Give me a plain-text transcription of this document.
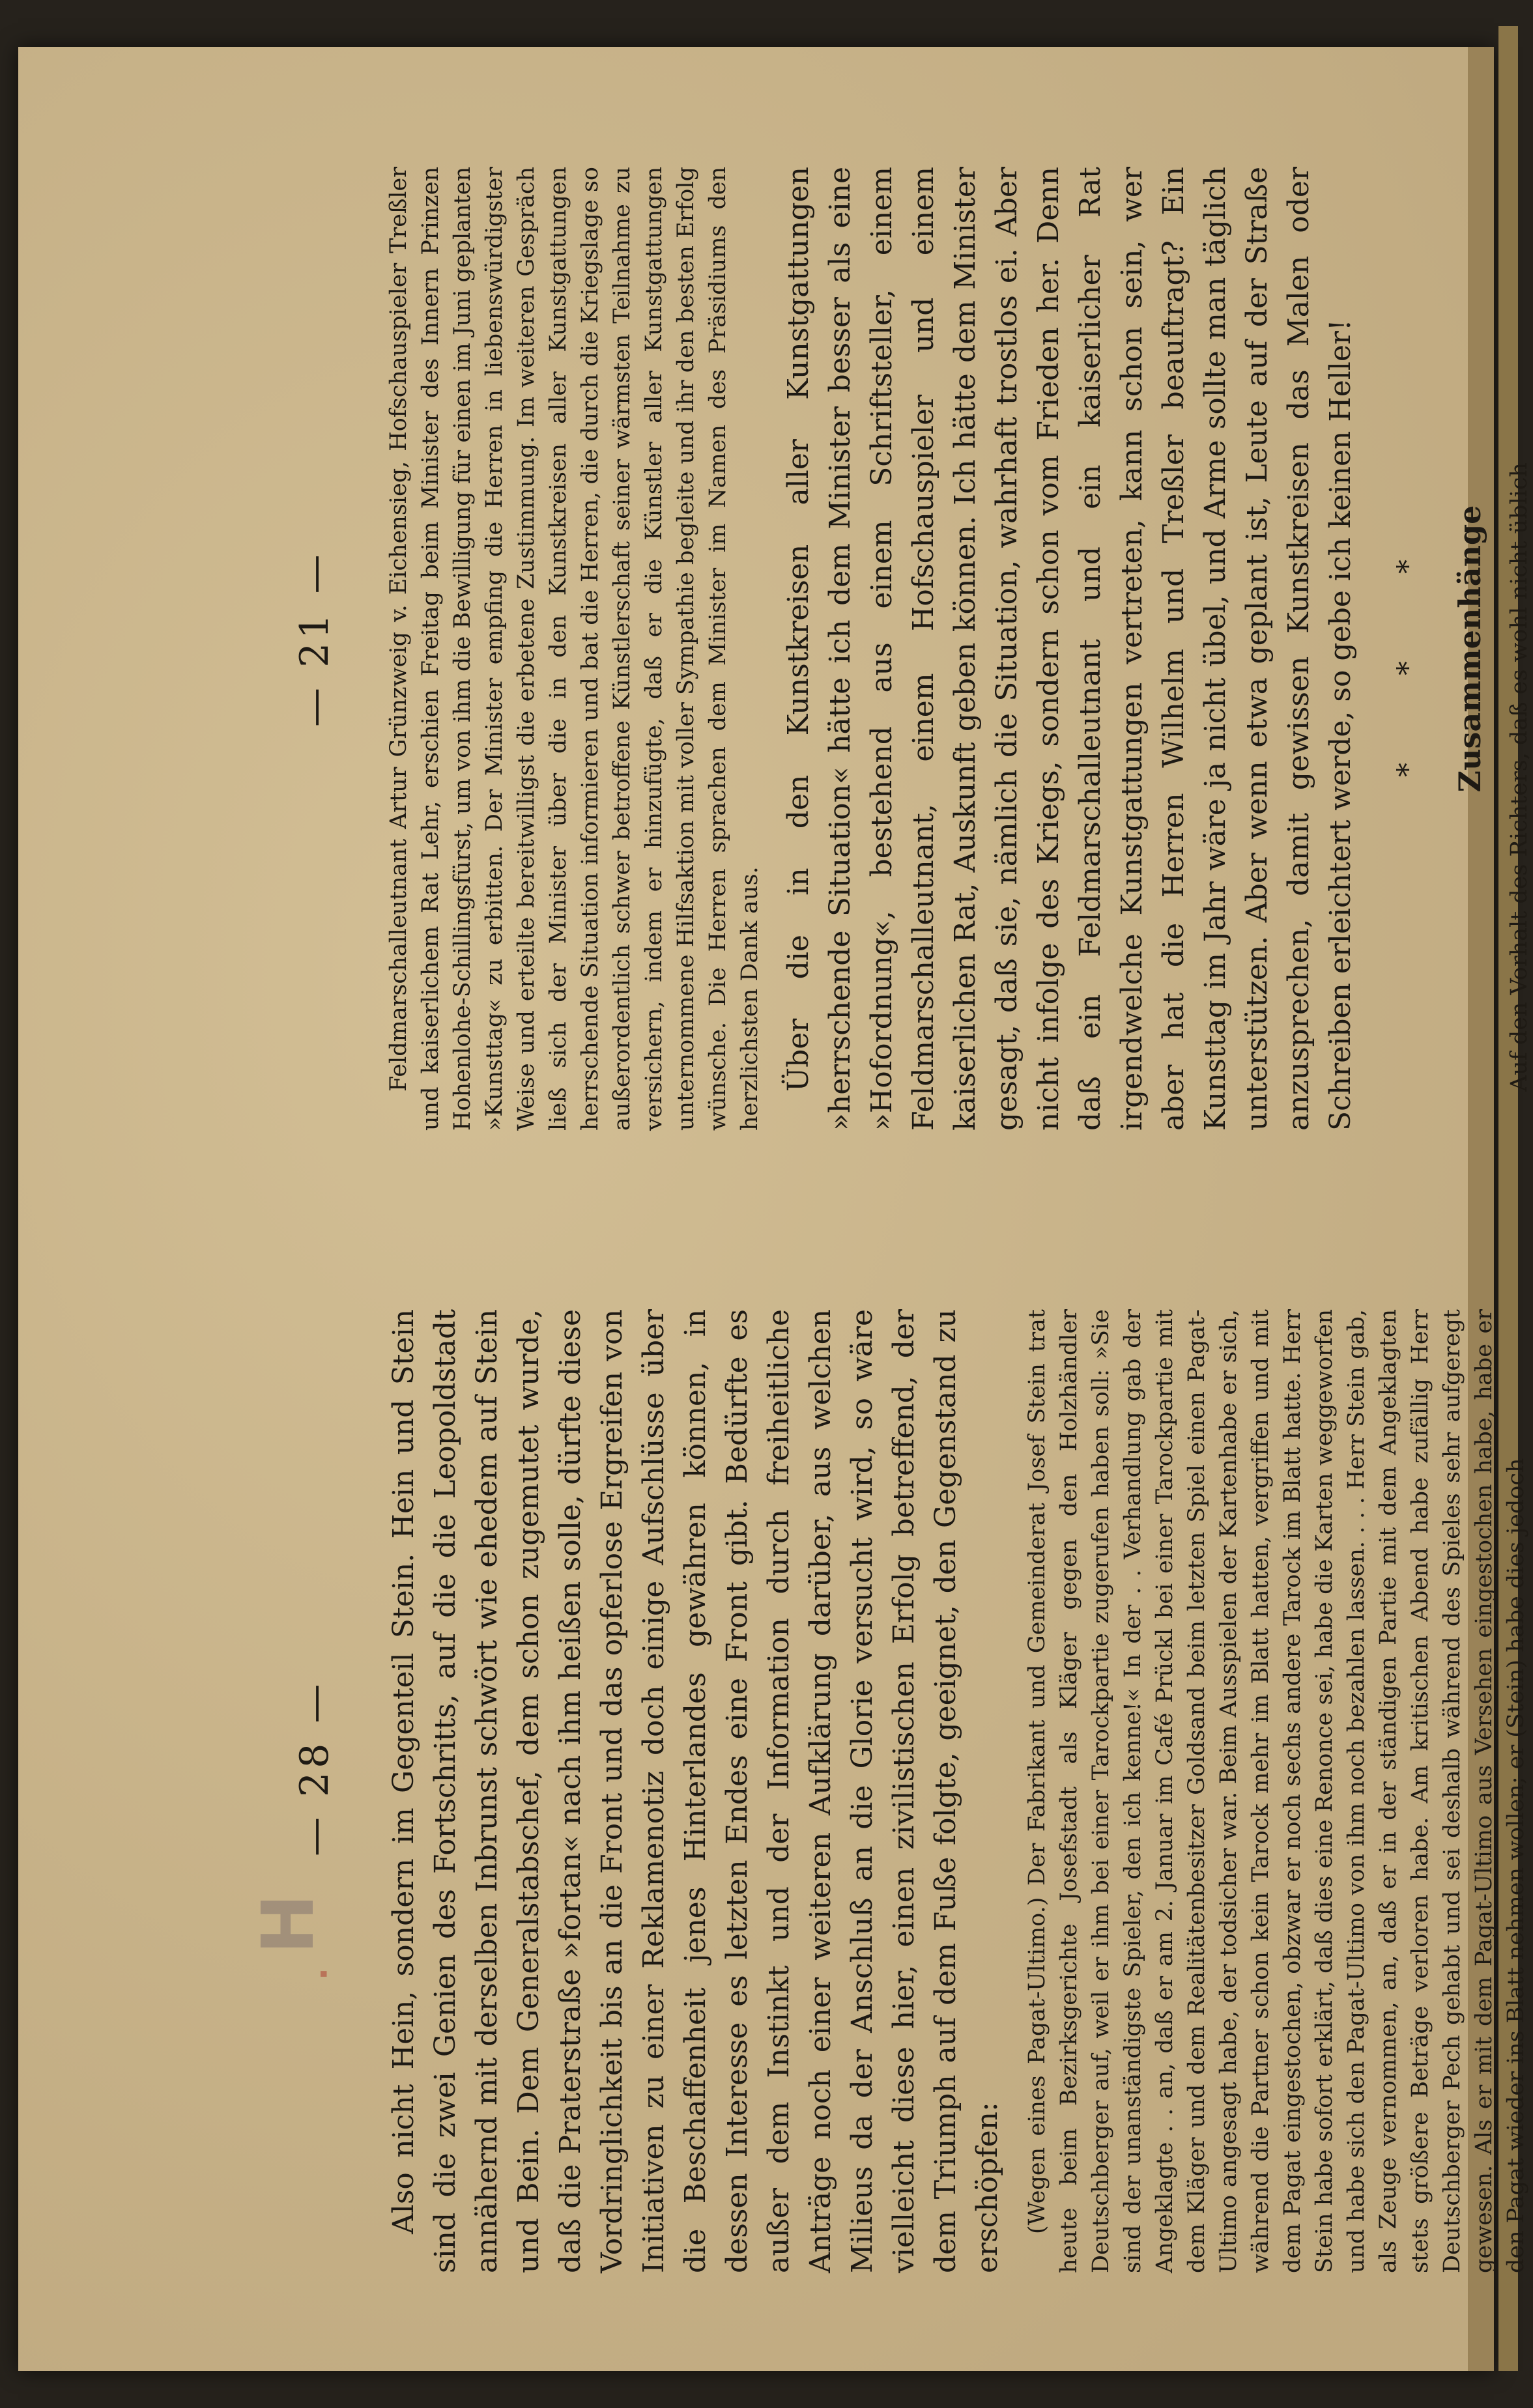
H
·
— 28 — Also nicht Hein, sondern im Gegenteil Stein. Hein und Stein sind die zwei Genien des Fortschritts, auf die die Leopoldstadt annähernd mit derselben Inbrunst schwört wie ehedem auf Stein und Bein. Dem Generalstabschef, dem schon zugemutet wurde, daß die Praterstraße »fortan« nach ihm heißen solle, dürfte diese Vordringlichkeit bis an die Front und das opferlose Ergreifen von Initiativen zu einer Reklamenotiz doch einige Aufschlüsse über die Beschaffenheit jenes Hinterlandes gewähren können, in dessen Interesse es letzten Endes eine Front gibt. Bedürfte es außer dem Instinkt und der Information durch freiheitliche Anträge noch einer weiteren Aufklärung darüber, aus welchen Milieus da der Anschluß an die Glorie versucht wird, so wäre vielleicht diese hier, einen zivilistischen Erfolg betreffend, der dem Triumph auf dem Fuße folgte, geeignet, den Gegenstand zu erschöpfen: (Wegen eines Pagat-Ultimo.) Der Fabrikant und Gemeinderat Josef Stein trat heute beim Bezirksgerichte Josefstadt als Kläger gegen den Holzhändler Deutschberger auf, weil er ihm bei einer Tarockpartie zugerufen haben soll: »Sie sind der unanständigste Spieler, den ich kenne!« In der . . Verhandlung gab der Angeklagte . . an, daß er am 2. Januar im Café Prückl bei einer Tarockpartie mit dem Kläger und dem Realitätenbesitzer Goldsand beim letzten Spiel einen Pagat-Ultimo angesagt habe, der todsicher war. Beim Ausspielen der Kartenhabe er sich, während die Partner schon kein Tarock mehr im Blatt hatten, vergriffen und mit dem Pagat eingestochen, obzwar er noch sechs andere Tarock im Blatt hatte. Herr Stein habe sofort erklärt, daß dies eine Renonce sei, habe die Karten weggeworfen und habe sich den Pagat-Ultimo von ihm noch bezahlen lassen. . . . Herr Stein gab, als Zeuge vernommen, an, daß er in der ständigen Partie mit dem Angeklagten stets größere Beträge verloren habe. Am kritischen Abend habe zufällig Herr Deutschberger Pech gehabt und sei deshalb während des Spieles sehr aufgeregt gewesen. Als er mit dem Pagat-Ultimo aus Versehen eingestochen habe, habe er den Pagat wieder ins Blatt nehmen wollen; er (Stein) habe dies jedoch

— 21 — Feldmarschalleutnant Artur Grünzweig v. Eichensieg, Hofschauspieler Treßler und kaiserlichem Rat Lehr, erschien Freitag beim Minister des Innern Prinzen Hohenlohe-Schillingsfürst, um von ihm die Bewilligung für einen im Juni geplanten »Kunsttag« zu erbitten. Der Minister empfing die Herren in liebenswürdigster Weise und erteilte bereitwilligst die erbetene Zustimmung. Im weiteren Gespräch ließ sich der Minister über die in den Kunstkreisen aller Kunstgattungen herrschende Situation informieren und bat die Herren, die durch die Kriegslage so außerordentlich schwer betroffene Künstlerschaft seiner wärmsten Teilnahme zu versichern, indem er hinzufügte, daß er die Künstler aller Kunstgattungen unternommene Hilfsaktion mit voller Sympathie begleite und ihr den besten Erfolg wünsche. Die Herren sprachen dem Minister im Namen des Präsidiums den herzlichsten Dank aus. Über die in den Kunstkreisen aller Kunstgattungen »herrschende Situation« hätte ich dem Minister besser als eine »Hofordnung«, bestehend aus einem Schriftsteller, einem Feldmarschalleutnant, einem Hofschauspieler und einem kaiserlichen Rat, Auskunft geben können. Ich hätte dem Minister gesagt, daß sie, nämlich die Situation, wahrhaft trostlos ei. Aber nicht infolge des Kriegs, sondern schon vom Frieden her. Denn daß ein Feldmarschalleutnant und ein kaiserlicher Rat irgendwelche Kunstgattungen vertreten, kann schon sein, wer aber hat die Herren Wilhelm und Treßler beauftragt? Ein Kunsttag im Jahr wäre ja nicht übel, und Arme sollte man täglich unterstützen. Aber wenn etwa geplant ist, Leute auf der Straße anzusprechen, damit gewissen Kunstkreisen das Malen oder Schreiben erleichtert werde, so gebe ich keinen Heller! * * * Zusammenhänge Auf den Vorhalt des Richters, daß es wohl nicht üblich
